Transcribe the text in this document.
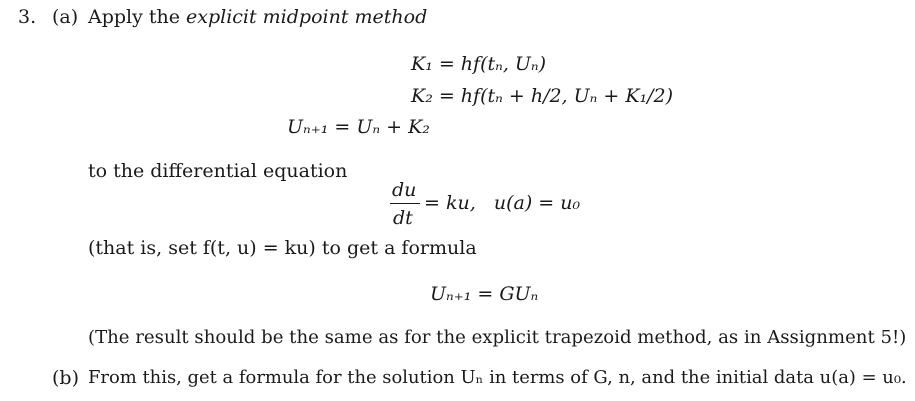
3. (a) Apply the explicit midpoint method
K₁ = hf(tₙ, Uₙ)
K₂ = hf(tₙ + h/2, Uₙ + K₁/2)
Uₙ₊₁ = Uₙ + K₂
to the differential equation
du
dt
= ku,   u(a) = u₀
(that is, set f(t, u) = ku) to get a formula
Uₙ₊₁ = GUₙ
(The result should be the same as for the explicit trapezoid method, as in Assignment 5!)
(b) From this, get a formula for the solution Uₙ in terms of G, n, and the initial data u(a) = u₀.
